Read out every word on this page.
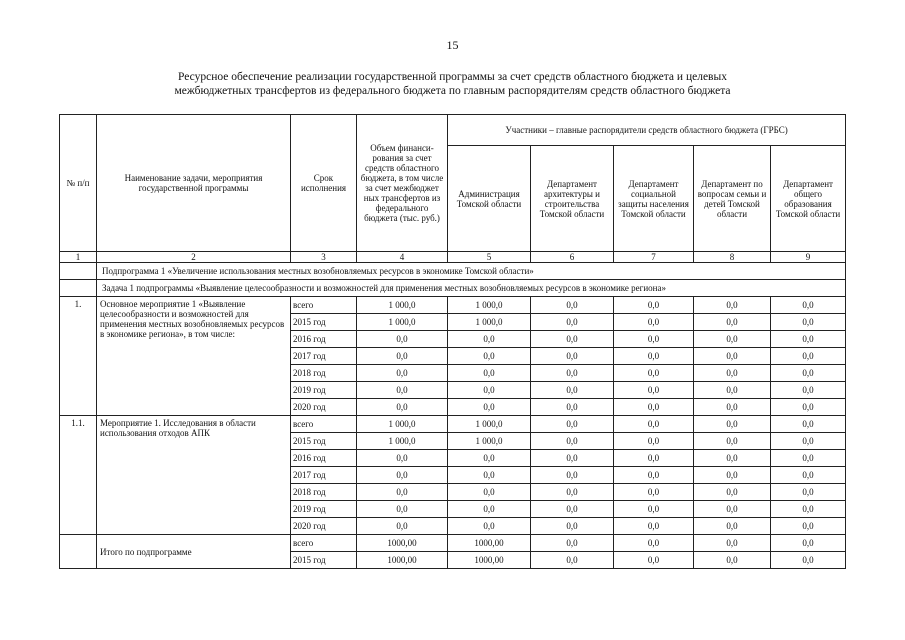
15
Ресурсное обеспечение реализации государственной программы за счет средств областного бюджета и целевых
межбюджетных трансфертов из федерального бюджета по главным распорядителям средств областного бюджета
№ п/п	Наименование задачи, мероприятия государственной программы	Срок исполнения	Объем финанси-рования за счет средств областного бюджета, в том числе за счет межбюджет ных трансфертов из федерального бюджета (тыс. руб.)	Участники – главные распорядители средств областного бюджета (ГРБС)				
				Администрация Томской области	Департамент архитектуры и строительства Томской области	Департамент социальной защиты населения Томской области	Департамент по вопросам семьи и детей Томской области	Департамент общего образования Томской области
1	2	3	4	5	6	7	8	9
	Подпрограмма 1 «Увеличение использования местных возобновляемых ресурсов в экономике Томской области»							
	Задача 1 подпрограммы «Выявление целесообразности и возможностей для применения местных возобновляемых ресурсов в экономике региона»							
1.	Основное мероприятие 1 «Выявление целесообразности и возможностей для применения местных возобновляемых ресурсов в экономике региона», в том числе:	всего	1 000,0	1 000,0	0,0	0,0	0,0	0,0
		2015 год	1 000,0	1 000,0	0,0	0,0	0,0	0,0
		2016 год	0,0	0,0	0,0	0,0	0,0	0,0
		2017 год	0,0	0,0	0,0	0,0	0,0	0,0
		2018 год	0,0	0,0	0,0	0,0	0,0	0,0
		2019 год	0,0	0,0	0,0	0,0	0,0	0,0
		2020 год	0,0	0,0	0,0	0,0	0,0	0,0
1.1.	Мероприятие 1. Исследования в области использования отходов АПК	всего	1 000,0	1 000,0	0,0	0,0	0,0	0,0
		2015 год	1 000,0	1 000,0	0,0	0,0	0,0	0,0
		2016 год	0,0	0,0	0,0	0,0	0,0	0,0
		2017 год	0,0	0,0	0,0	0,0	0,0	0,0
		2018 год	0,0	0,0	0,0	0,0	0,0	0,0
		2019 год	0,0	0,0	0,0	0,0	0,0	0,0
		2020 год	0,0	0,0	0,0	0,0	0,0	0,0
	Итого по подпрограмме	всего	1000,00	1000,00	0,0	0,0	0,0	0,0
		2015 год	1000,00	1000,00	0,0	0,0	0,0	0,0
